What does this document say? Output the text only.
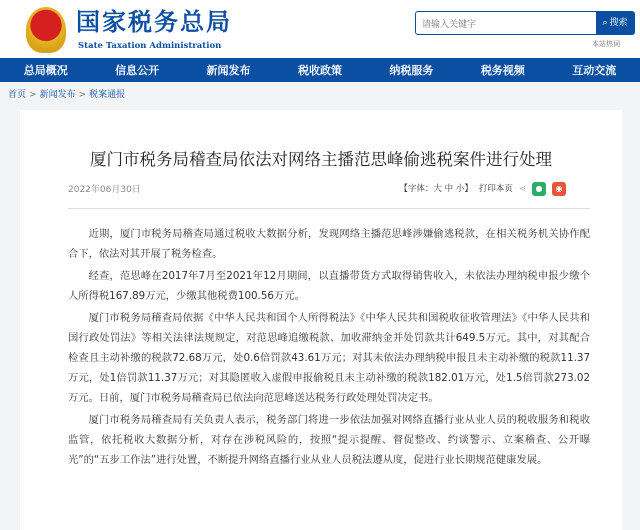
国家税务总局
State Taxation Administration
请输入关键字
⌕ 搜索
本站热词
总局概况	信息公开	新闻发布	税收政策	纳税服务	税务视频	互动交流
首页 > 新闻发布 > 税案通报
厦门市税务局稽查局依法对网络主播范思峰偷逃税案件进行处理
2022年06月30日	【字体：大 中 小】 打印本页 ⋖	●	◉

近期，厦门市税务局稽查局通过税收大数据分析，发现网络主播范思峰涉嫌偷逃税款，在相关税务机关协作配合下，依法对其开展了税务检查。

经查，范思峰在2017年7月至2021年12月期间，以直播带货方式取得销售收入，未依法办理纳税申报少缴个人所得税167.89万元，少缴其他税费100.56万元。

厦门市税务局稽查局依据《中华人民共和国个人所得税法》《中华人民共和国税收征收管理法》《中华人民共和国行政处罚法》等相关法律法规规定，对范思峰追缴税款、加收滞纳金并处罚款共计649.5万元。其中，对其配合检查且主动补缴的税款72.68万元，处0.6倍罚款43.61万元；对其未依法办理纳税申报且未主动补缴的税款11.37万元，处1倍罚款11.37万元；对其隐匿收入虚假申报偷税且未主动补缴的税款182.01万元，处1.5倍罚款273.02万元。日前，厦门市税务局稽查局已依法向范思峰送达税务行政处理处罚决定书。

厦门市税务局稽查局有关负责人表示，税务部门将进一步依法加强对网络直播行业从业人员的税收服务和税收监管，依托税收大数据分析，对存在涉税风险的，按照“提示提醒、督促整改、约谈警示、立案稽查、公开曝光”的“五步工作法”进行处置，不断提升网络直播行业从业人员税法遵从度，促进行业长期规范健康发展。
